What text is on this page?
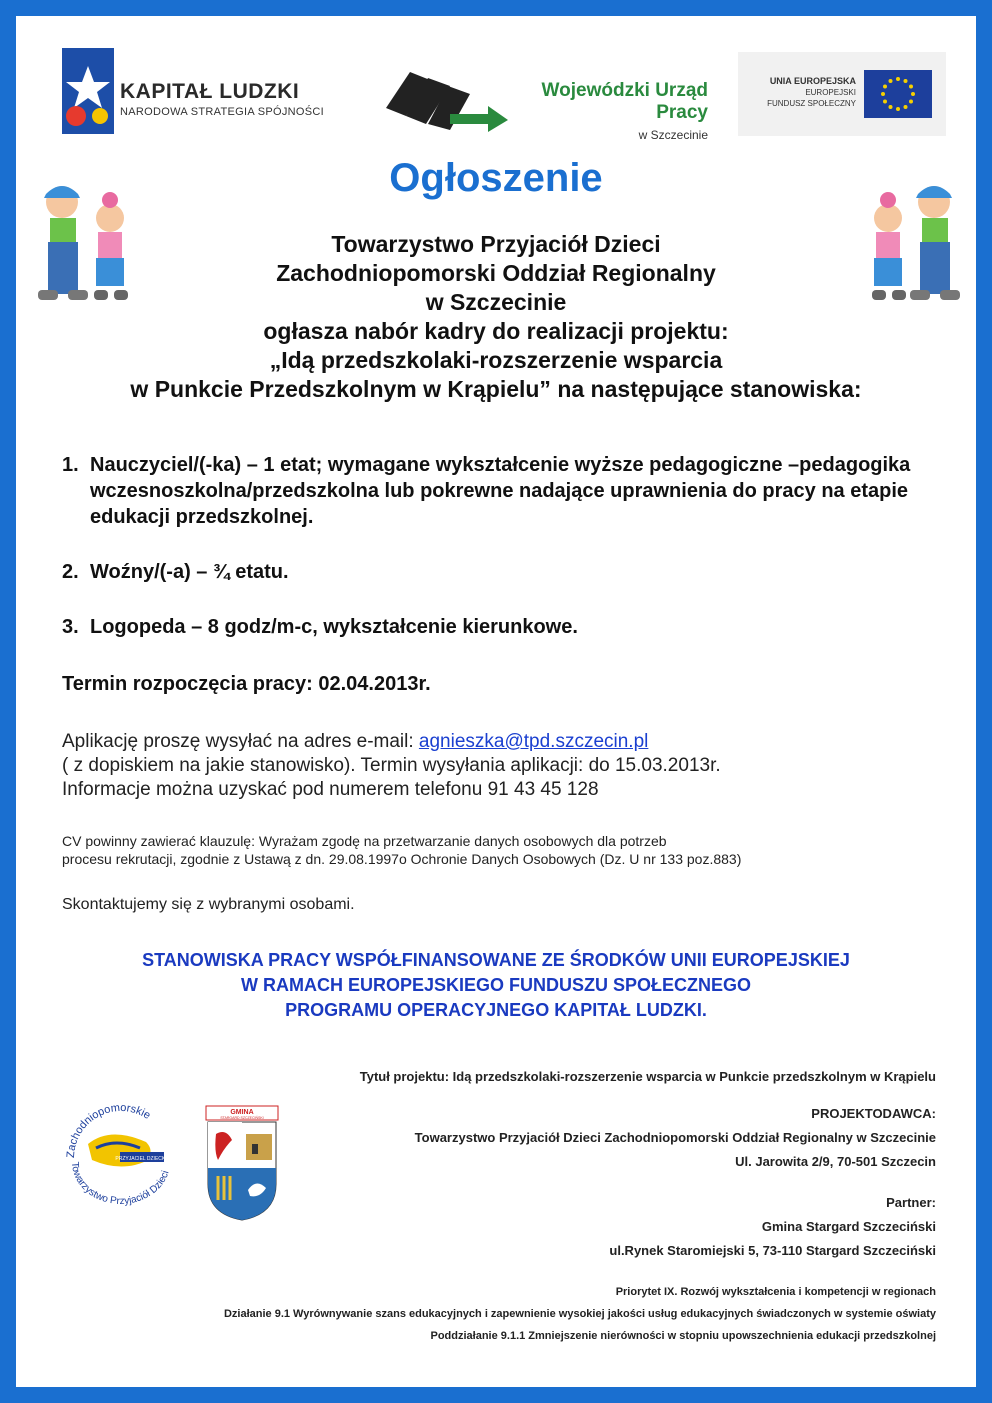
KAPITAŁ LUDZKI
NARODOWA STRATEGIA SPÓJNOŚCI
Wojewódzki Urząd Pracy
w Szczecinie
UNIA EUROPEJSKA
EUROPEJSKI
FUNDUSZ SPOŁECZNY
Ogłoszenie
Towarzystwo Przyjaciół Dzieci
Zachodniopomorski Oddział Regionalny
w Szczecinie
ogłasza nabór kadry do realizacji projektu:
„Idą przedszkolaki-rozszerzenie wsparcia
w Punkcie Przedszkolnym w Krąpielu” na następujące stanowiska:
1. Nauczyciel/(-ka) – 1 etat; wymagane wykształcenie wyższe pedagogiczne –pedagogika wczesnoszkolna/przedszkolna lub pokrewne nadające uprawnienia do pracy na etapie edukacji przedszkolnej.
2. Woźny/(-a) – ¾ etatu.
3. Logopeda – 8 godz/m-c, wykształcenie kierunkowe.
Termin rozpoczęcia pracy: 02.04.2013r.
Aplikację proszę wysyłać na adres e-mail: agnieszka@tpd.szczecin.pl
( z dopiskiem na jakie stanowisko). Termin wysyłania aplikacji: do 15.03.2013r.
Informacje można uzyskać pod numerem telefonu 91 43 45 128
CV powinny zawierać klauzulę: Wyrażam zgodę na przetwarzanie danych osobowych dla potrzeb
procesu rekrutacji, zgodnie z Ustawą z dn. 29.08.1997o Ochronie Danych Osobowych (Dz. U nr 133 poz.883)
Skontaktujemy się z wybranymi osobami.
STANOWISKA PRACY WSPÓŁFINANSOWANE ZE ŚRODKÓW UNII EUROPEJSKIEJ
W RAMACH EUROPEJSKIEGO FUNDUSZU SPOŁECZNEGO
PROGRAMU OPERACYJNEGO KAPITAŁ LUDZKI.
Tytuł projektu: Idą przedszkolaki-rozszerzenie wsparcia w Punkcie przedszkolnym w Krąpielu
PROJEKTODAWCA:
Towarzystwo Przyjaciół Dzieci Zachodniopomorski Oddział Regionalny w Szczecinie
Ul. Jarowita 2/9, 70-501 Szczecin
Partner:
Gmina Stargard Szczeciński
ul.Rynek Staromiejski 5, 73-110 Stargard Szczeciński
Priorytet IX. Rozwój wykształcenia i kompetencji w regionach
Działanie 9.1 Wyrównywanie szans edukacyjnych i zapewnienie wysokiej jakości usług edukacyjnych świadczonych w systemie oświaty
Poddziałanie 9.1.1 Zmniejszenie nierówności w stopniu upowszechnienia edukacji przedszkolnej
Zachodniopomorskie
PRZYJACIEL DZIECKA
Towarzystwo Przyjaciół Dzieci
GMINA
STARGARD SZCZECIŃSKI
